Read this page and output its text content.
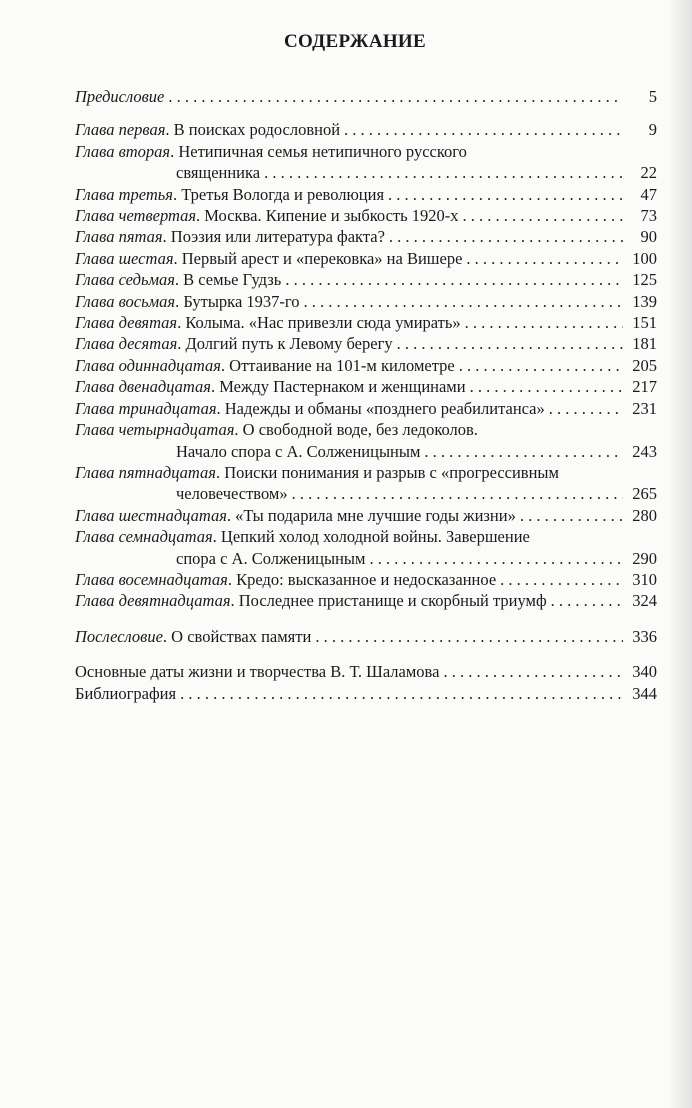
СОДЕРЖАНИЕ
Предисловие . . .	5
Глава первая. В поисках родословной . . .	9
Глава вторая. Нетипичная семья нетипичного русского
священника . . .	22
Глава третья. Третья Вологда и революция . . .	47
Глава четвертая. Москва. Кипение и зыбкость 1920-х . . .	73
Глава пятая. Поэзия или литература факта? . . .	90
Глава шестая. Первый арест и «перековка» на Вишере . . .	100
Глава седьмая. В семье Гудзь . . .	125
Глава восьмая. Бутырка 1937-го . . .	139
Глава девятая. Колыма. «Нас привезли сюда умирать» . . .	151
Глава десятая. Долгий путь к Левому берегу . . .	181
Глава одиннадцатая. Оттаивание на 101-м километре . . .	205
Глава двенадцатая. Между Пастернаком и женщинами . . .	217
Глава тринадцатая. Надежды и обманы «позднего реабилитанса» . . .	231
Глава четырнадцатая. О свободной воде, без ледоколов.
Начало спора с А. Солженицыным . . .	243
Глава пятнадцатая. Поиски понимания и разрыв с «прогрессивным
человечеством» . . .	265
Глава шестнадцатая. «Ты подарила мне лучшие годы жизни» . . .	280
Глава семнадцатая. Цепкий холод холодной войны. Завершение
спора с А. Солженицыным . . .	290
Глава восемнадцатая. Кредо: высказанное и недосказанное . . .	310
Глава девятнадцатая. Последнее пристанище и скорбный триумф . . .	324
Послесловие. О свойствах памяти . . .	336
Основные даты жизни и творчества В. Т. Шаламова . . .	340
Библиография . . .	344
